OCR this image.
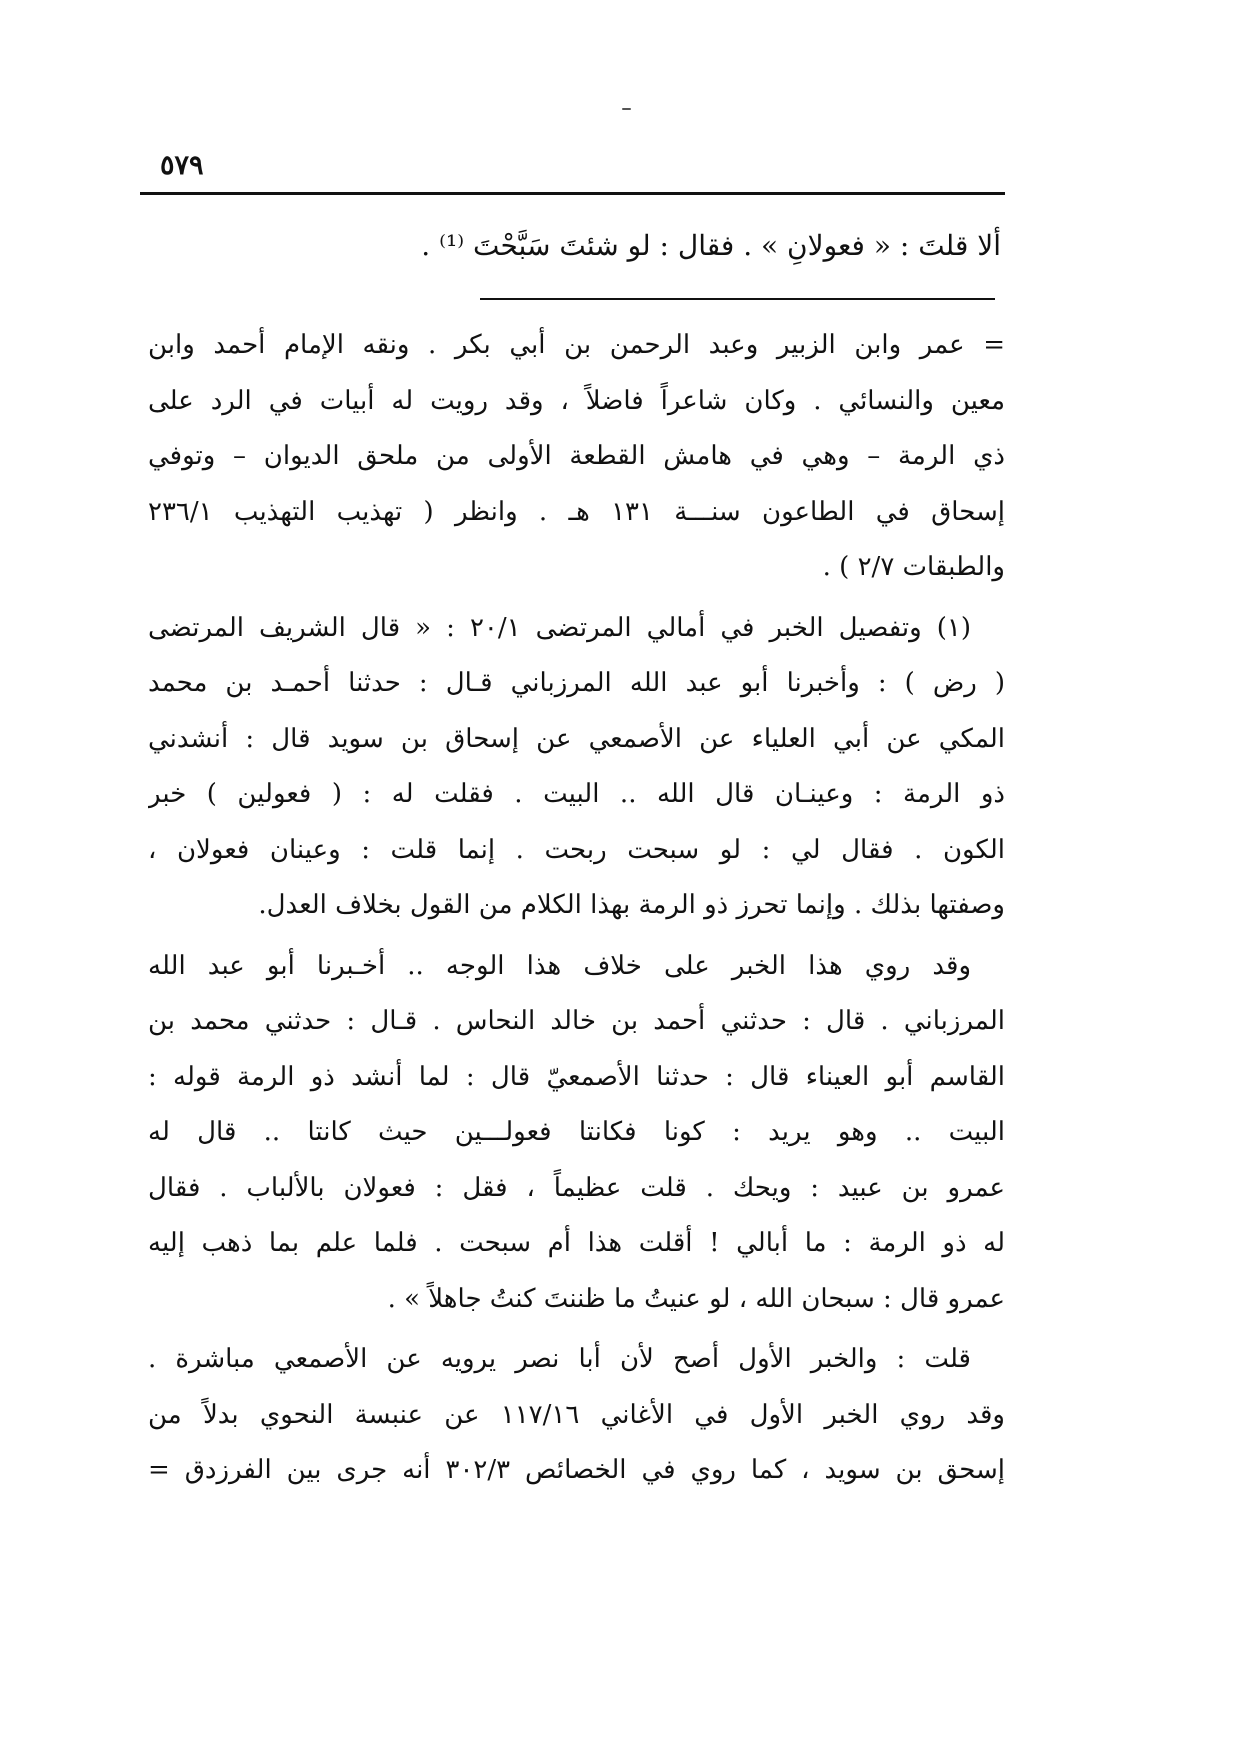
٥٧٩
ألا قلتَ : « فعولانِ » . فقال : لو شئتَ سَبَّحْتَ ⁽¹⁾ .
= عمر وابن الزبير وعبد الرحمن بن أبي بكر . ونقه الإمام أحمد وابن
معين والنسائي . وكان شاعراً فاضلاً ، وقد رويت له أبيات في الرد على
ذي الرمة – وهي في هامش القطعة الأولى من ملحق الديوان – وتوفي
إسحاق في الطاعون سنـــة ١٣١ هـ . وانظر ( تهذيب التهذيب ٢٣٦/١
والطبقات ٢/٧ ) .
(١) وتفصيل الخبر في أمالي المرتضى ٢٠/١ : « قال الشريف المرتضى
( رض ) : وأخبرنا أبو عبد الله المرزباني قـال : حدثنا أحمـد بن محمد
المكي عن أبي العلياء عن الأصمعي عن إسحاق بن سويد قال : أنشدني
ذو الرمة : وعينـان قال الله .. البيت . فقلت له : ( فعولين ) خبر
الكون . فقال لي : لو سبحت ربحت . إنما قلت : وعينان فعولان ،
وصفتها بذلك . وإنما تحرز ذو الرمة بهذا الكلام من القول بخلاف العدل.
وقد روي هذا الخبر على خلاف هذا الوجه .. أخـبرنا أبو عبد الله
المرزباني . قال : حدثني أحمد بن خالد النحاس . قـال : حدثني محمد بن
القاسم أبو العيناء قال : حدثنا الأصمعيّ قال : لما أنشد ذو الرمة قوله :
البيت .. وهو يريد : كونا فكانتا فعولـــين حيث كانتا .. قال له
عمرو بن عبيد : ويحك . قلت عظيماً ، فقل : فعولان بالألباب . فقال
له ذو الرمة : ما أبالي ! أقلت هذا أم سبحت . فلما علم بما ذهب إليه
عمرو قال : سبحان الله ، لو عنيتُ ما ظننتَ كنتُ جاهلاً » .
قلت : والخبر الأول أصح لأن أبا نصر يرويه عن الأصمعي مباشرة .
وقد روي الخبر الأول في الأغاني ١١٧/١٦ عن عنبسة النحوي بدلاً من
إسحق بن سويد ، كما روي في الخصائص ٣٠٢/٣ أنه جرى بين الفرزدق =
